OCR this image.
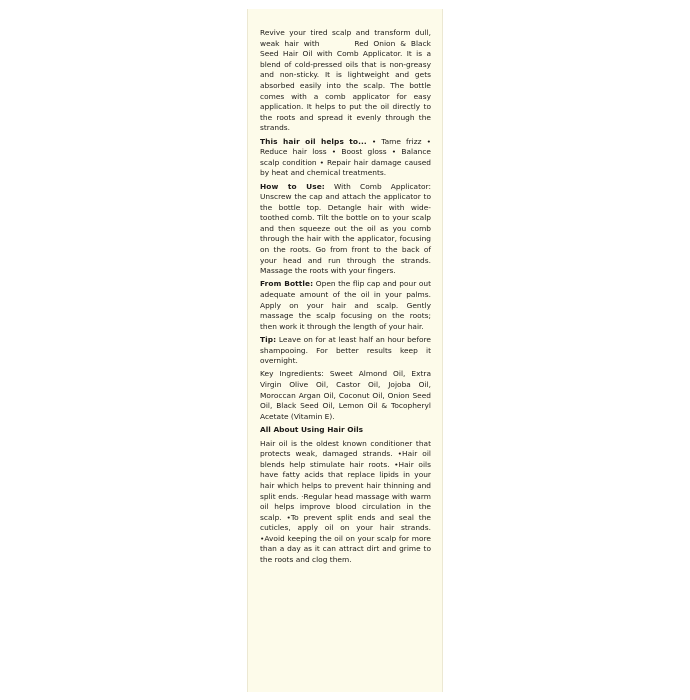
Revive your tired scalp and transform dull, weak hair with	Red Onion & Black Seed Hair Oil with Comb Applicator. It is a blend of cold-pressed oils that is non-greasy and non-sticky. It is lightweight and gets absorbed easily into the scalp. The bottle comes with a comb applicator for easy application. It helps to put the oil directly to the roots and spread it evenly through the strands.

This hair oil helps to... • Tame frizz • Reduce hair loss • Boost gloss • Balance scalp condition • Repair hair damage caused by heat and chemical treatments.

How to Use: With Comb Applicator: Unscrew the cap and attach the applicator to the bottle top. Detangle hair with wide-toothed comb. Tilt the bottle on to your scalp and then squeeze out the oil as you comb through the hair with the applicator, focusing on the roots. Go from front to the back of your head and run through the strands. Massage the roots with your fingers.

From Bottle: Open the flip cap and pour out adequate amount of the oil in your palms. Apply on your hair and scalp. Gently massage the scalp focusing on the roots; then work it through the length of your hair.

Tip: Leave on for at least half an hour before shampooing. For better results keep it overnight.

Key Ingredients: Sweet Almond Oil, Extra Virgin Olive Oil, Castor Oil, Jojoba Oil, Moroccan Argan Oil, Coconut Oil, Onion Seed Oil, Black Seed Oil, Lemon Oil & Tocopheryl Acetate (Vitamin E).

All About Using Hair Oils

Hair oil is the oldest known conditioner that protects weak, damaged strands. •Hair oil blends help stimulate hair roots. •Hair oils have fatty acids that replace lipids in your hair which helps to prevent hair thinning and split ends. ·Regular head massage with warm oil helps improve blood circulation in the scalp. •To prevent split ends and seal the cuticles, apply oil on your hair strands. •Avoid keeping the oil on your scalp for more than a day as it can attract dirt and grime to the roots and clog them.
